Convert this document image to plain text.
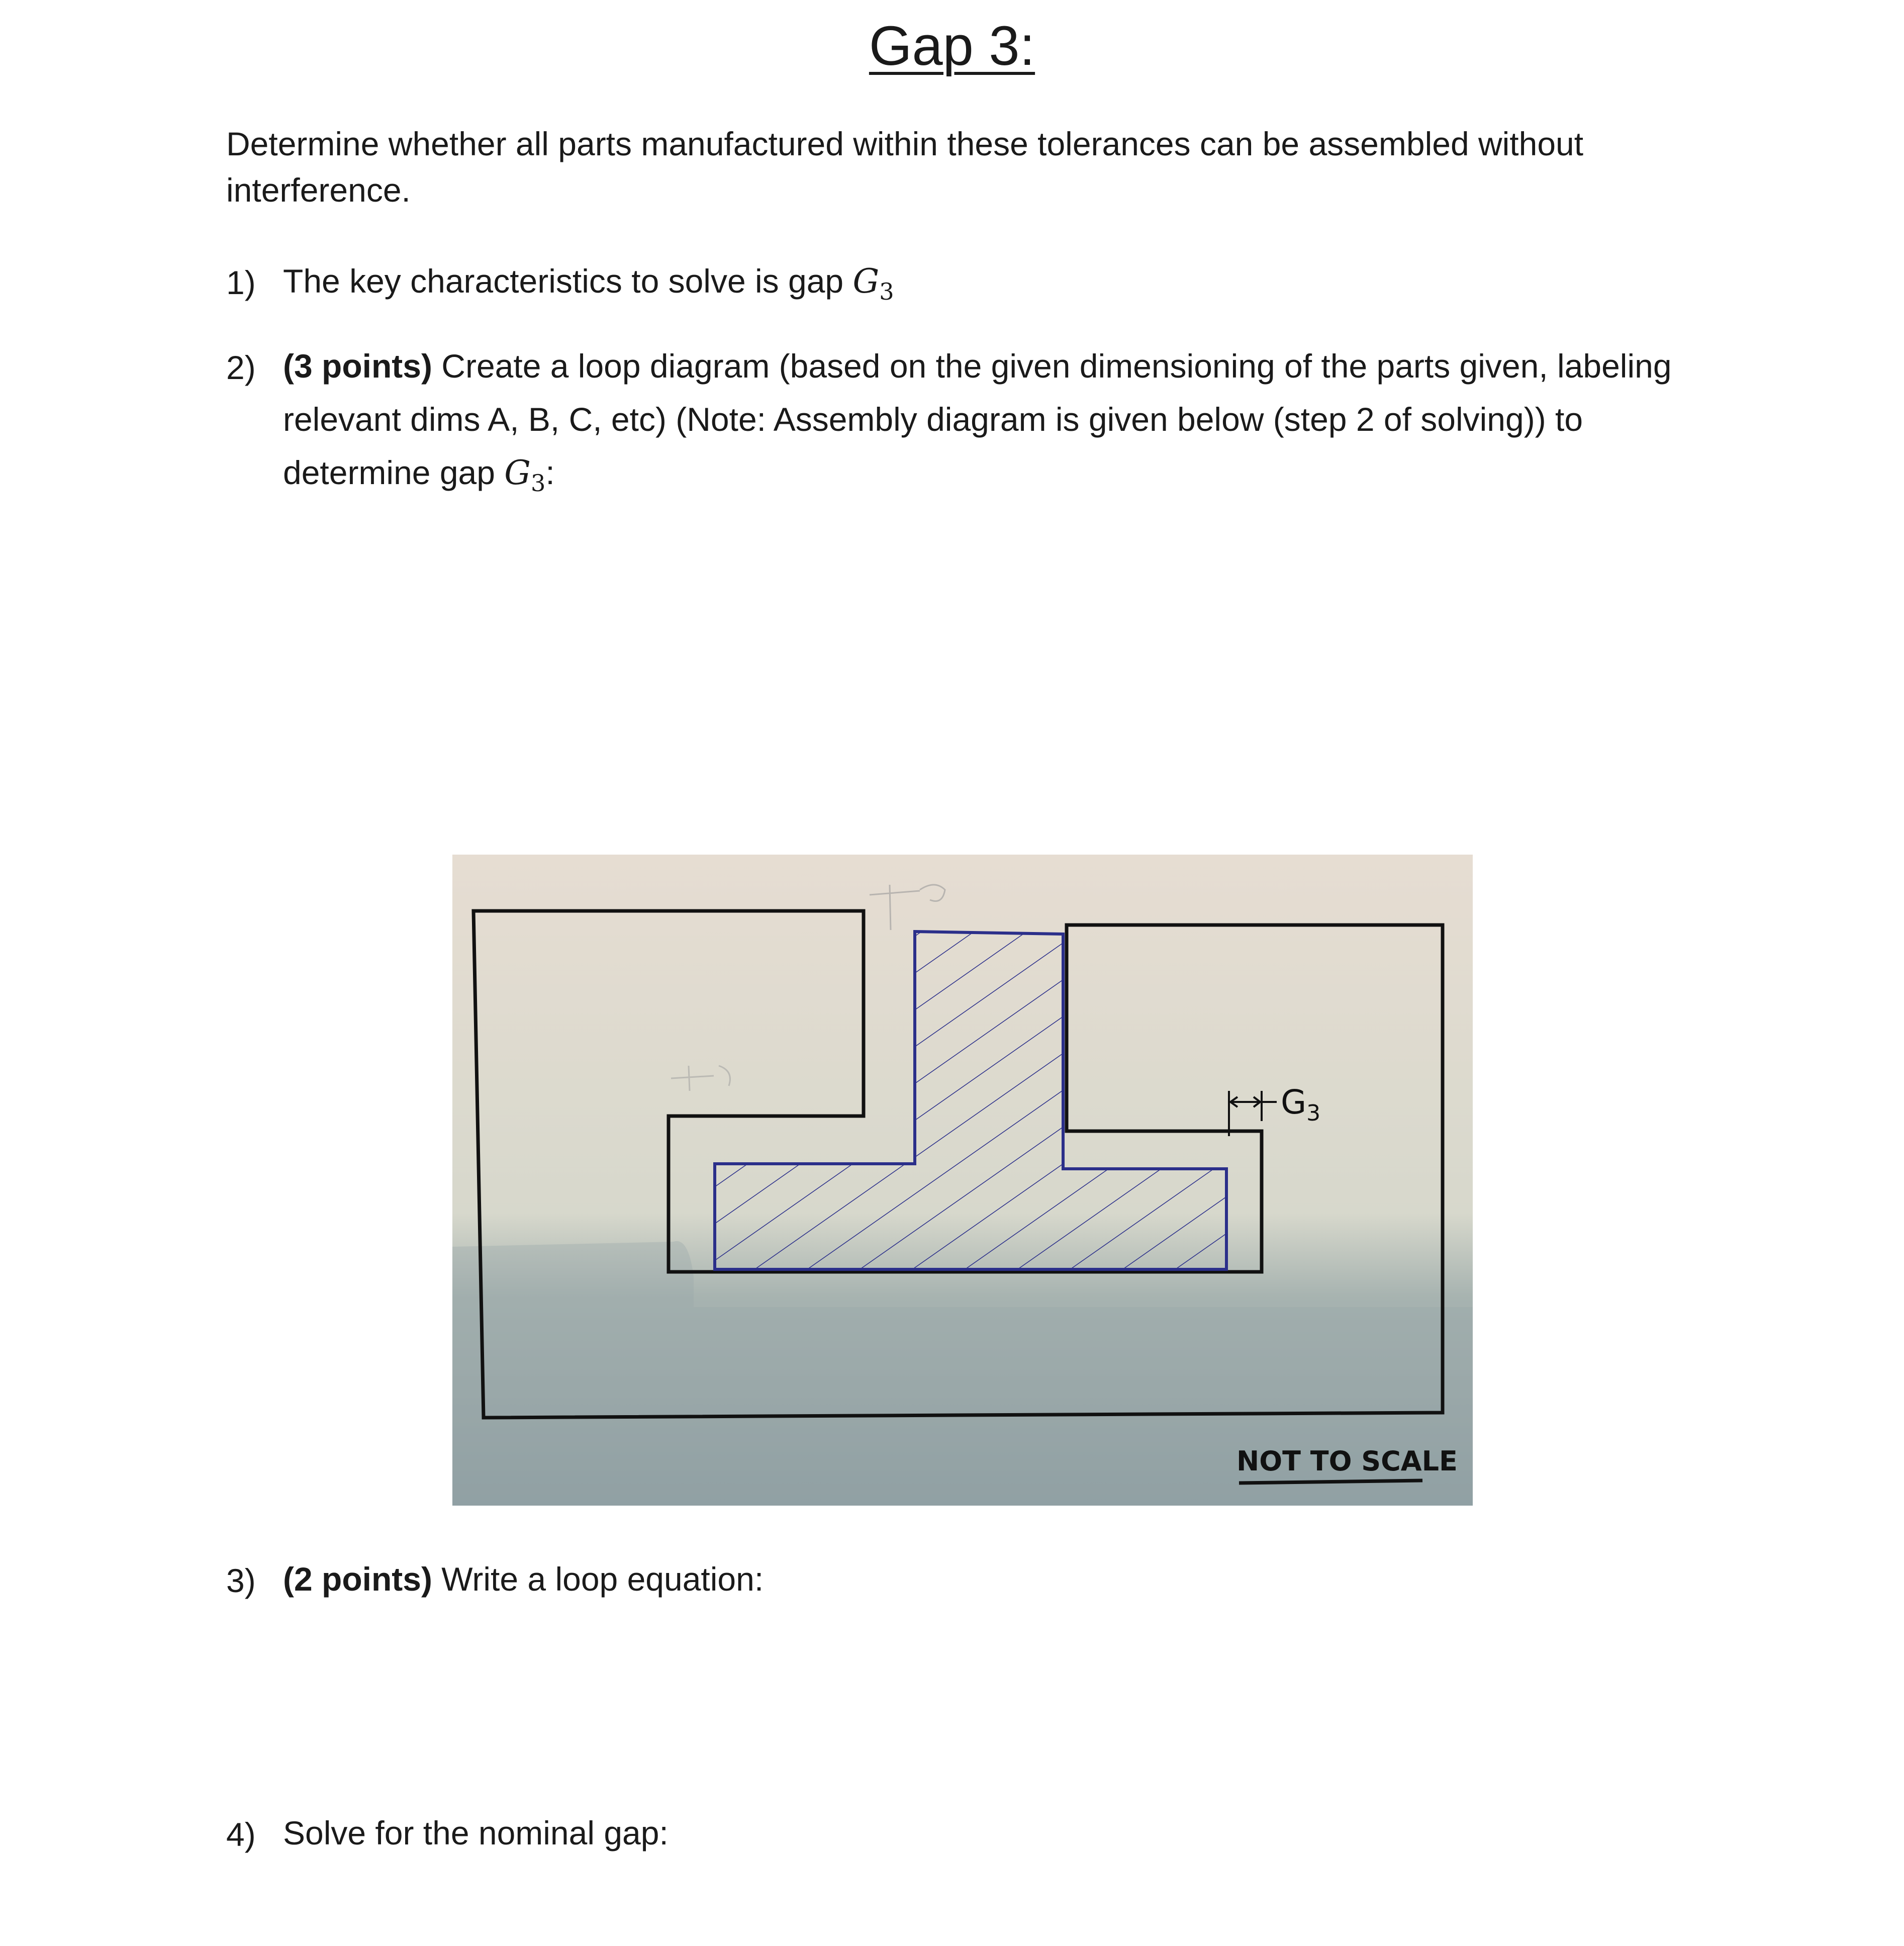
Gap 3:

Determine whether all parts manufactured within these tolerances can be assembled without interference.

1) The key characteristics to solve is gap $G_3$

2) (3 points) Create a loop diagram (based on the given dimensioning of the parts given, labeling relevant dims A, B, C, etc) (Note: Assembly diagram is given below (step 2 of solving)) to determine gap $G_3$:

$G_3$
NOT TO SCALE
3) (2 points) Write a loop equation:

4) Solve for the nominal gap:
